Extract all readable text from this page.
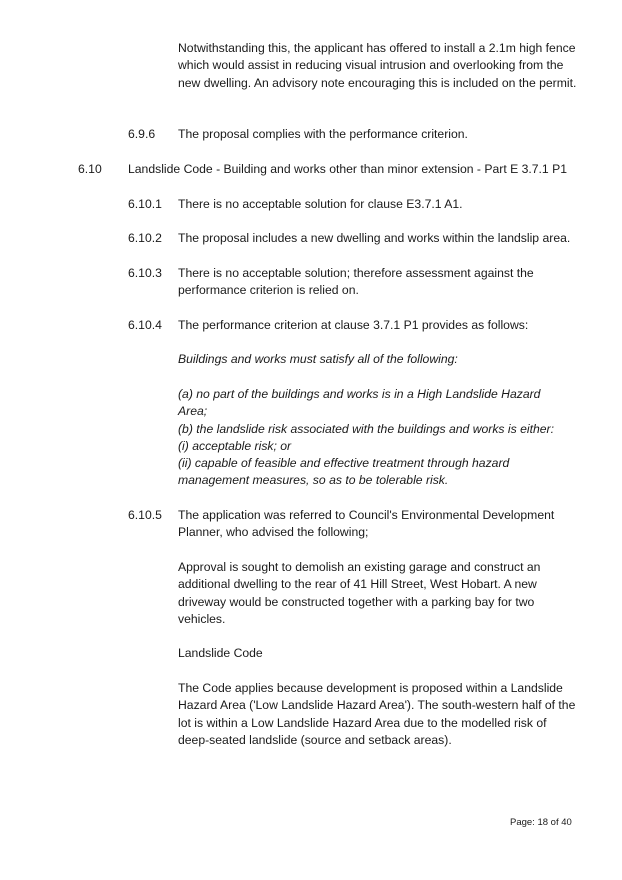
Notwithstanding this, the applicant has offered to install a 2.1m high fence which would assist in reducing visual intrusion and overlooking from the new dwelling. An advisory note encouraging this is included on the permit.
6.9.6 The proposal complies with the performance criterion.
6.10 Landslide Code - Building and works other than minor extension - Part E 3.7.1 P1
6.10.1 There is no acceptable solution for clause E3.7.1 A1.
6.10.2 The proposal includes a new dwelling and works within the landslip area.
6.10.3 There is no acceptable solution; therefore assessment against the performance criterion is relied on.
6.10.4 The performance criterion at clause 3.7.1 P1 provides as follows:
Buildings and works must satisfy all of the following:
(a) no part of the buildings and works is in a High Landslide Hazard Area;
(b) the landslide risk associated with the buildings and works is either:
(i) acceptable risk; or
(ii) capable of feasible and effective treatment through hazard management measures, so as to be tolerable risk.
6.10.5 The application was referred to Council's Environmental Development Planner, who advised the following;
Approval is sought to demolish an existing garage and construct an additional dwelling to the rear of 41 Hill Street, West Hobart. A new driveway would be constructed together with a parking bay for two vehicles.
Landslide Code
The Code applies because development is proposed within a Landslide Hazard Area ('Low Landslide Hazard Area'). The south-western half of the lot is within a Low Landslide Hazard Area due to the modelled risk of deep-seated landslide (source and setback areas).
Page: 18 of 40
